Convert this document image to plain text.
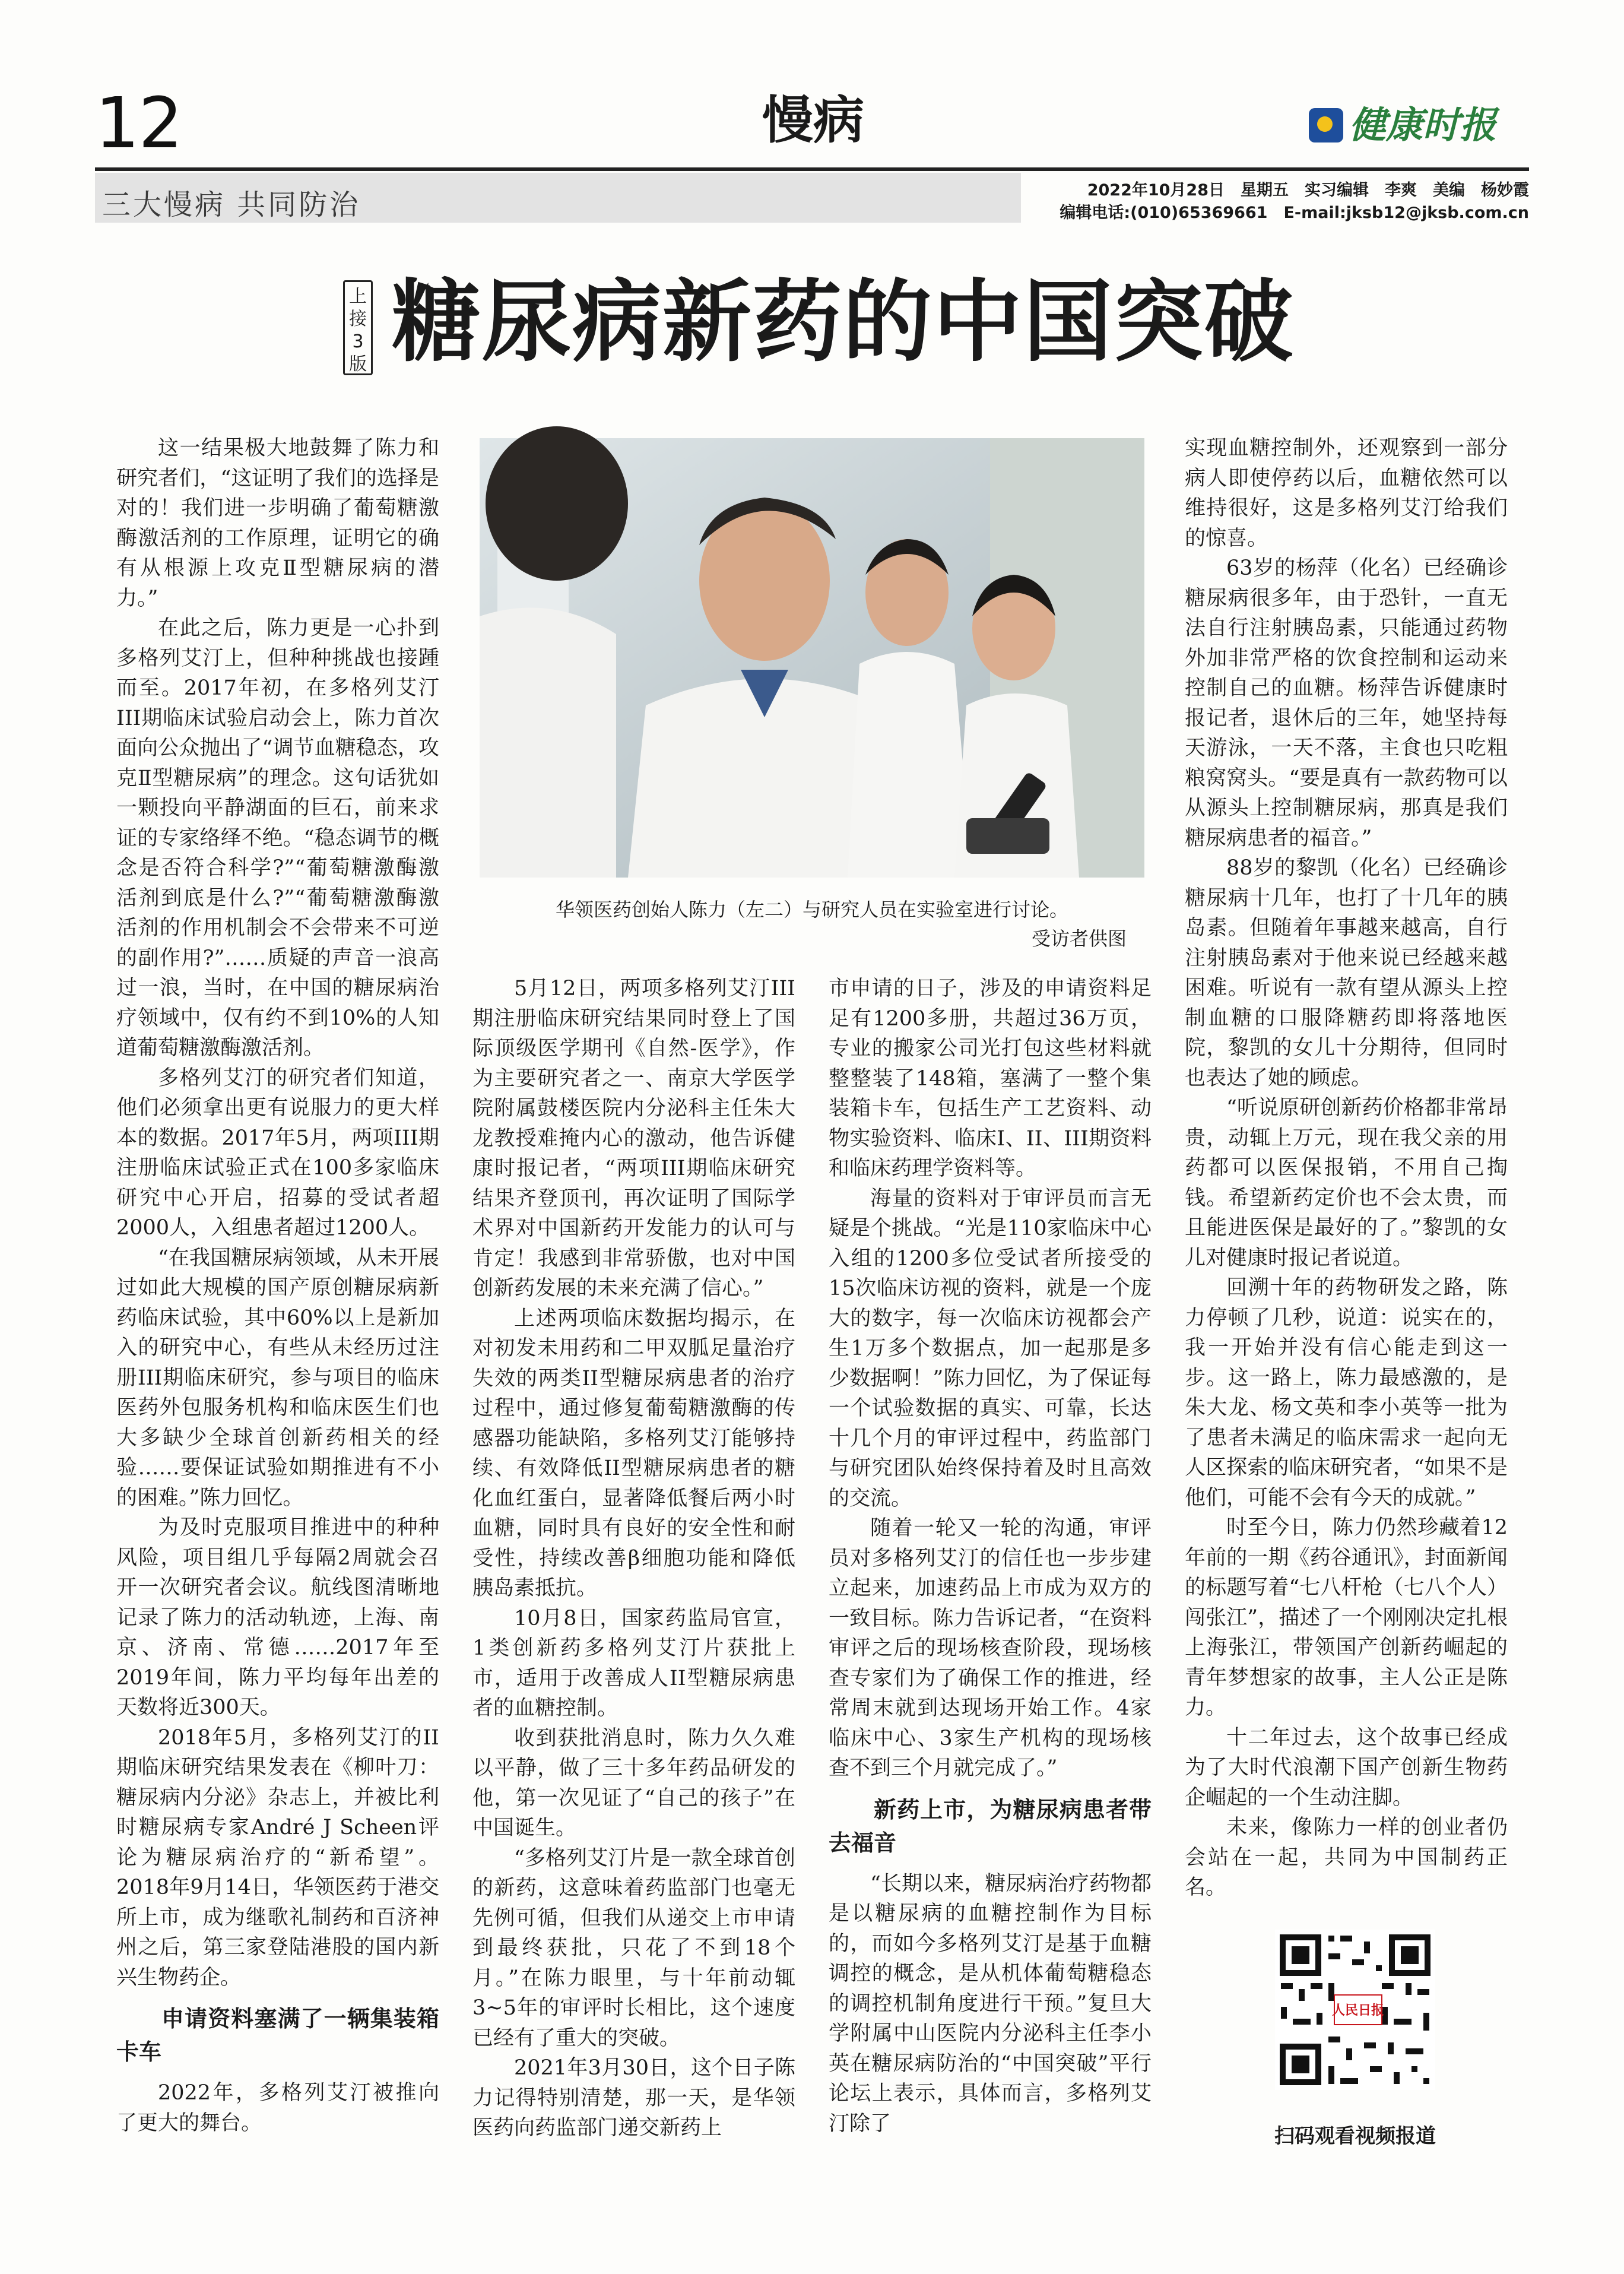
12	慢病	健康时报
三大慢病 共同防治	2022年10月28日　星期五　实习编辑　李爽　美编　杨妙霞
编辑电话:(010)65369661　E-mail:jksb12@jksb.com.cn
上接3版 糖尿病新药的中国突破

这一结果极大地鼓舞了陈力和研究者们，“这证明了我们的选择是对的！我们进一步明确了葡萄糖激酶激活剂的工作原理，证明它的确有从根源上攻克Ⅱ型糖尿病的潜力。”

在此之后，陈力更是一心扑到多格列艾汀上，但种种挑战也接踵而至。2017年初，在多格列艾汀III期临床试验启动会上，陈力首次面向公众抛出了“调节血糖稳态，攻克Ⅱ型糖尿病”的理念。这句话犹如一颗投向平静湖面的巨石，前来求证的专家络绎不绝。“稳态调节的概念是否符合科学?”“葡萄糖激酶激活剂到底是什么?”“葡萄糖激酶激活剂的作用机制会不会带来不可逆的副作用?”……质疑的声音一浪高过一浪，当时，在中国的糖尿病治疗领域中，仅有约不到10%的人知道葡萄糖激酶激活剂。

多格列艾汀的研究者们知道，他们必须拿出更有说服力的更大样本的数据。2017年5月，两项III期注册临床试验正式在100多家临床研究中心开启，招募的受试者超2000人，入组患者超过1200人。

“在我国糖尿病领域，从未开展过如此大规模的国产原创糖尿病新药临床试验，其中60%以上是新加入的研究中心，有些从未经历过注册III期临床研究，参与项目的临床医药外包服务机构和临床医生们也大多缺少全球首创新药相关的经验……要保证试验如期推进有不小的困难。”陈力回忆。

为及时克服项目推进中的种种风险，项目组几乎每隔2周就会召开一次研究者会议。航线图清晰地记录了陈力的活动轨迹，上海、南京、济南、常德……2017年至2019年间，陈力平均每年出差的天数将近300天。

2018年5月，多格列艾汀的II期临床研究结果发表在《柳叶刀：糖尿病内分泌》杂志上，并被比利时糖尿病专家André J Scheen评论为糖尿病治疗的“新希望”。2018年9月14日，华领医药于港交所上市，成为继歌礼制药和百济神州之后，第三家登陆港股的国内新兴生物药企。

申请资料塞满了一辆集装箱卡车

2022年，多格列艾汀被推向了更大的舞台。

华领医药创始人陈力（左二）与研究人员在实验室进行讨论。
受访者供图

5月12日，两项多格列艾汀III期注册临床研究结果同时登上了国际顶级医学期刊《自然-医学》，作为主要研究者之一、南京大学医学院附属鼓楼医院内分泌科主任朱大龙教授难掩内心的激动，他告诉健康时报记者，“两项III期临床研究结果齐登顶刊，再次证明了国际学术界对中国新药开发能力的认可与肯定！我感到非常骄傲，也对中国创新药发展的未来充满了信心。”

上述两项临床数据均揭示，在对初发未用药和二甲双胍足量治疗失效的两类II型糖尿病患者的治疗过程中，通过修复葡萄糖激酶的传感器功能缺陷，多格列艾汀能够持续、有效降低II型糖尿病患者的糖化血红蛋白，显著降低餐后两小时血糖，同时具有良好的安全性和耐受性，持续改善β细胞功能和降低胰岛素抵抗。

10月8日，国家药监局官宣，1类创新药多格列艾汀片获批上市，适用于改善成人II型糖尿病患者的血糖控制。

收到获批消息时，陈力久久难以平静，做了三十多年药品研发的他，第一次见证了“自己的孩子”在中国诞生。

“多格列艾汀片是一款全球首创的新药，这意味着药监部门也毫无先例可循，但我们从递交上市申请到最终获批，只花了不到18个月。”在陈力眼里，与十年前动辄3~5年的审评时长相比，这个速度已经有了重大的突破。

2021年3月30日，这个日子陈力记得特别清楚，那一天，是华领医药向药监部门递交新药上

市申请的日子，涉及的申请资料足足有1200多册，共超过36万页，专业的搬家公司光打包这些材料就整整装了148箱，塞满了一整个集装箱卡车，包括生产工艺资料、动物实验资料、临床I、II、III期资料和临床药理学资料等。

海量的资料对于审评员而言无疑是个挑战。“光是110家临床中心入组的1200多位受试者所接受的15次临床访视的资料，就是一个庞大的数字，每一次临床访视都会产生1万多个数据点，加一起那是多少数据啊！”陈力回忆，为了保证每一个试验数据的真实、可靠，长达十几个月的审评过程中，药监部门与研究团队始终保持着及时且高效的交流。

随着一轮又一轮的沟通，审评员对多格列艾汀的信任也一步步建立起来，加速药品上市成为双方的一致目标。陈力告诉记者，“在资料审评之后的现场核查阶段，现场核查专家们为了确保工作的推进，经常周末就到达现场开始工作。4家临床中心、3家生产机构的现场核查不到三个月就完成了。”

新药上市，为糖尿病患者带去福音

“长期以来，糖尿病治疗药物都是以糖尿病的血糖控制作为目标的，而如今多格列艾汀是基于血糖调控的概念，是从机体葡萄糖稳态的调控机制角度进行干预。”复旦大学附属中山医院内分泌科主任李小英在糖尿病防治的“中国突破”平行论坛上表示，具体而言，多格列艾汀除了

实现血糖控制外，还观察到一部分病人即使停药以后，血糖依然可以维持很好，这是多格列艾汀给我们的惊喜。

63岁的杨萍（化名）已经确诊糖尿病很多年，由于恐针，一直无法自行注射胰岛素，只能通过药物外加非常严格的饮食控制和运动来控制自己的血糖。杨萍告诉健康时报记者，退休后的三年，她坚持每天游泳，一天不落，主食也只吃粗粮窝窝头。“要是真有一款药物可以从源头上控制糖尿病，那真是我们糖尿病患者的福音。”

88岁的黎凯（化名）已经确诊糖尿病十几年，也打了十几年的胰岛素。但随着年事越来越高，自行注射胰岛素对于他来说已经越来越困难。听说有一款有望从源头上控制血糖的口服降糖药即将落地医院，黎凯的女儿十分期待，但同时也表达了她的顾虑。

“听说原研创新药价格都非常昂贵，动辄上万元，现在我父亲的用药都可以医保报销，不用自己掏钱。希望新药定价也不会太贵，而且能进医保是最好的了。”黎凯的女儿对健康时报记者说道。

回溯十年的药物研发之路，陈力停顿了几秒，说道：说实在的，我一开始并没有信心能走到这一步。这一路上，陈力最感激的，是朱大龙、杨文英和李小英等一批为了患者未满足的临床需求一起向无人区探索的临床研究者，“如果不是他们，可能不会有今天的成就。”

时至今日，陈力仍然珍藏着12年前的一期《药谷通讯》，封面新闻的标题写着“七八杆枪（七八个人）闯张江”，描述了一个刚刚决定扎根上海张江，带领国产创新药崛起的青年梦想家的故事，主人公正是陈力。

十二年过去，这个故事已经成为了大时代浪潮下国产创新生物药企崛起的一个生动注脚。

未来，像陈力一样的创业者仍会站在一起，共同为中国制药正名。

人民日报
扫码观看视频报道
